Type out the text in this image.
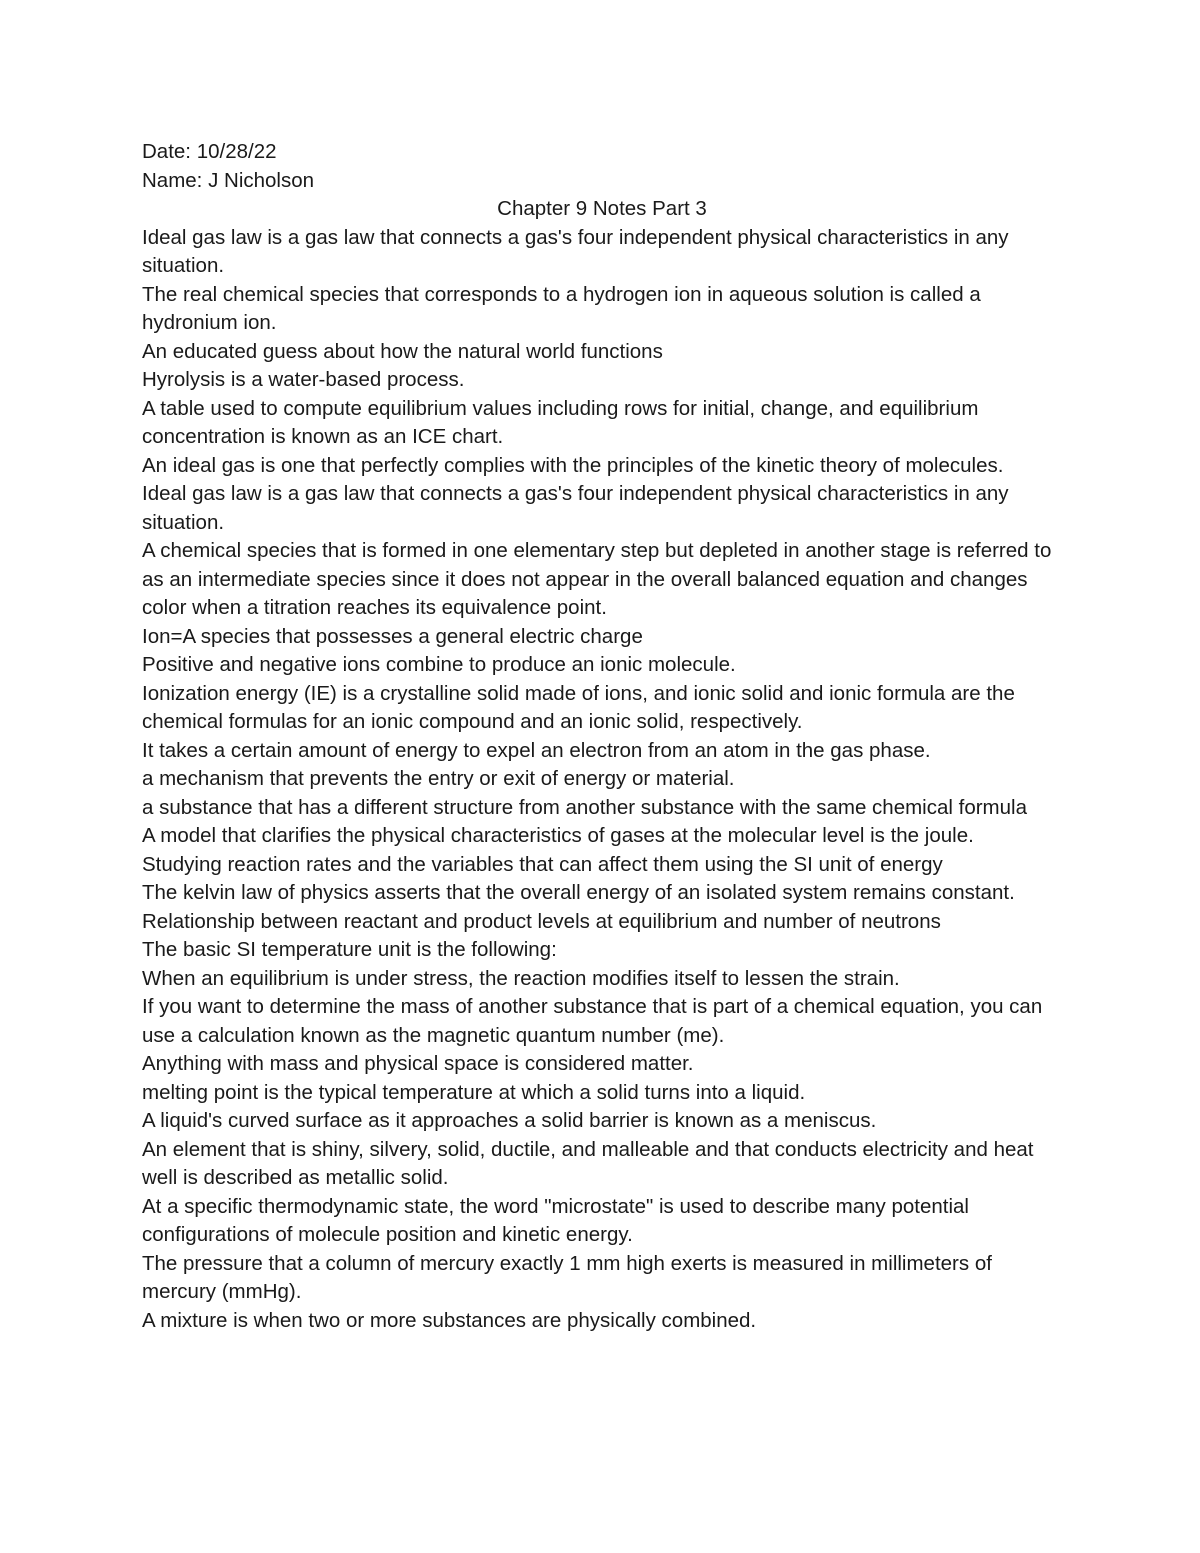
Date: 10/28/22

Name: J Nicholson

Chapter 9 Notes Part 3

Ideal gas law is a gas law that connects a gas's four independent physical characteristics in any situation.

The real chemical species that corresponds to a hydrogen ion in aqueous solution is called a hydronium ion.

An educated guess about how the natural world functions

Hyrolysis is a water-based process.

A table used to compute equilibrium values including rows for initial, change, and equilibrium concentration is known as an ICE chart.

An ideal gas is one that perfectly complies with the principles of the kinetic theory of molecules.

Ideal gas law is a gas law that connects a gas's four independent physical characteristics in any situation.

A chemical species that is formed in one elementary step but depleted in another stage is referred to as an intermediate species since it does not appear in the overall balanced equation and changes color when a titration reaches its equivalence point.

Ion=A species that possesses a general electric charge

Positive and negative ions combine to produce an ionic molecule.

Ionization energy (IE) is a crystalline solid made of ions, and ionic solid and ionic formula are the chemical formulas for an ionic compound and an ionic solid, respectively.

It takes a certain amount of energy to expel an electron from an atom in the gas phase.

a mechanism that prevents the entry or exit of energy or material.

a substance that has a different structure from another substance with the same chemical formula

A model that clarifies the physical characteristics of gases at the molecular level is the joule.

Studying reaction rates and the variables that can affect them using the SI unit of energy

The kelvin law of physics asserts that the overall energy of an isolated system remains constant.

Relationship between reactant and product levels at equilibrium and number of neutrons

The basic SI temperature unit is the following:

When an equilibrium is under stress, the reaction modifies itself to lessen the strain.

If you want to determine the mass of another substance that is part of a chemical equation, you can use a calculation known as the magnetic quantum number (me).

Anything with mass and physical space is considered matter.

melting point is the typical temperature at which a solid turns into a liquid.

A liquid's curved surface as it approaches a solid barrier is known as a meniscus.

An element that is shiny, silvery, solid, ductile, and malleable and that conducts electricity and heat well is described as metallic solid.

At a specific thermodynamic state, the word "microstate" is used to describe many potential configurations of molecule position and kinetic energy.

The pressure that a column of mercury exactly 1 mm high exerts is measured in millimeters of mercury (mmHg).

A mixture is when two or more substances are physically combined.
